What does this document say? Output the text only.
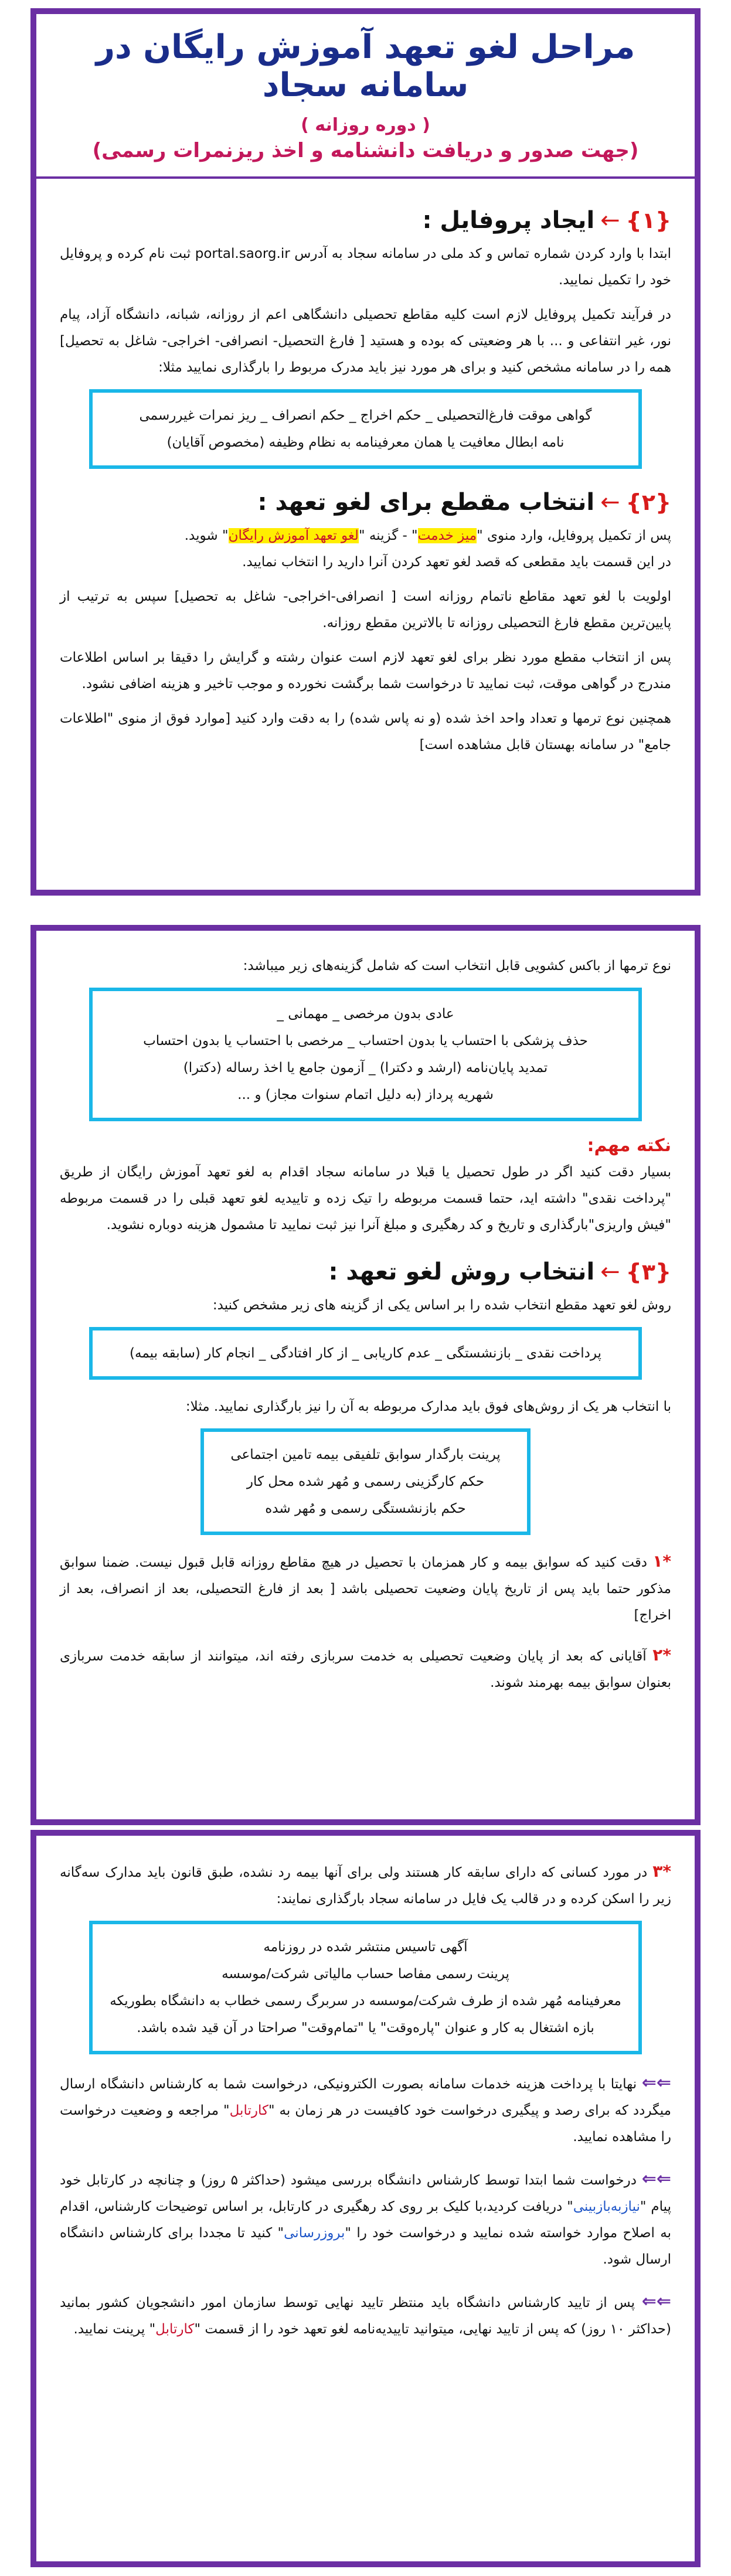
مراحل لغو تعهد آموزش رایگان در سامانه سجاد
( دوره روزانه )
(جهت صدور و دریافت دانشنامه و اخذ ریزنمرات رسمی)
{۱}
←
ایجاد پروفایل :

ابتدا با وارد کردن شماره تماس و کد ملی در سامانه سجاد به آدرس portal.saorg.ir ثبت نام کرده و پروفایل خود را تکمیل نمایید.

در فرآیند تکمیل پروفایل لازم است کلیه مقاطع تحصیلی دانشگاهی اعم از روزانه، شبانه، دانشگاه آزاد، پیام نور، غیر انتفاعی و ... با هر وضعیتی که بوده و هستید [ فارغ التحصیل- انصرافی- اخراجی- شاغل به تحصیل] همه را در سامانه مشخص کنید و برای هر مورد نیز باید مدرک مربوط را بارگذاری نمایید مثلا:

گواهی موقت فارغ‌التحصیلی _ حکم اخراج _ حکم انصراف _ ریز نمرات غیررسمی
نامه ابطال معافیت یا همان معرفینامه به نظام وظیفه (مخصوص آقایان)
{۲}
←
انتخاب مقطع برای لغو تعهد :

پس از تکمیل پروفایل، وارد منوی "میز خدمت" - گزینه "لغو تعهد آموزش رایگان" شوید.
در این قسمت باید مقطعی که قصد لغو تعهد کردن آنرا دارید را انتخاب نمایید.

اولویت با لغو تعهد مقاطع ناتمام روزانه است [ انصرافی-اخراجی- شاغل به تحصیل] سپس به ترتیب از پایین‌ترین مقطع فارغ التحصیلی روزانه تا بالاترین مقطع روزانه.

پس از انتخاب مقطع مورد نظر برای لغو تعهد لازم است عنوان رشته و گرایش را دقیقا بر اساس اطلاعات مندرج در گواهی موقت، ثبت نمایید تا درخواست شما برگشت نخورده و موجب تاخیر و هزینه اضافی نشود.

همچنین نوع ترمها و تعداد واحد اخذ شده (و نه پاس شده) را به دقت وارد کنید [موارد فوق از منوی "اطلاعات جامع" در سامانه بهستان قابل مشاهده است]

نوع ترمها از باکس کشویی قابل انتخاب است که شامل گزینه‌های زیر میباشد:

عادی بدون مرخصی _ مهمانی _
حذف پزشکی با احتساب یا بدون احتساب _ مرخصی با احتساب یا بدون احتساب
تمدید پایان‌نامه (ارشد و دکترا) _ آزمون جامع یا اخذ رساله (دکترا)
شهریه پرداز (به دلیل اتمام سنوات مجاز) و ...
نکته مهم:

بسیار دقت کنید اگر در طول تحصیل یا قبلا در سامانه سجاد اقدام به لغو تعهد آموزش رایگان از طریق "پرداخت نقدی" داشته اید، حتما قسمت مربوطه را تیک زده و تاییدیه لغو تعهد قبلی را در قسمت مربوطه "فیش واریزی"بارگذاری و تاریخ و کد رهگیری و مبلغ آنرا نیز ثبت نمایید تا مشمول هزینه دوباره نشوید.

{۳}
←
انتخاب روش لغو تعهد :

روش لغو تعهد مقطع انتخاب شده را بر اساس یکی از گزینه های زیر مشخص کنید:

پرداخت نقدی _ بازنشستگی _ عدم کاریابی _ از کار افتادگی _ انجام کار (سابقه بیمه)

با انتخاب هر یک از روش‌های فوق باید مدارک مربوطه به آن را نیز بارگذاری نمایید. مثلا:

پرینت بارگدار سوابق تلفیقی بیمه تامین اجتماعی
حکم کارگزینی رسمی و مُهر شده محل کار
حکم بازنشستگی رسمی و مُهر شده

*۱ دقت کنید که سوابق بیمه و کار همزمان با تحصیل در هیچ مقاطع روزانه قابل قبول نیست. ضمنا سوابق مذکور حتما باید پس از تاریخ پایان وضعیت تحصیلی باشد [ بعد از فارغ التحصیلی، بعد از انصراف، بعد از اخراج]

*۲ آقایانی که بعد از پایان وضعیت تحصیلی به خدمت سربازی رفته اند، میتوانند از سابقه خدمت سربازی بعنوان سوابق بیمه بهرمند شوند.

*۳ در مورد کسانی که دارای سابقه کار هستند ولی برای آنها بیمه رد نشده، طبق قانون باید مدارک سه‌گانه زیر را اسکن کرده و در قالب یک فایل در سامانه سجاد بارگذاری نمایند:

آگهی تاسیس منتشر شده در روزنامه
پرینت رسمی مفاصا حساب مالیاتی شرکت/موسسه
معرفینامه مُهر شده از طرف شرکت/موسسه در سربرگ رسمی خطاب به دانشگاه بطوریکه
بازه اشتغال به کار و عنوان "پاره‌وقت" یا "تمام‌وقت" صراحتا در آن قید شده باشد.

⇐⇐ نهایتا با پرداخت هزینه خدمات سامانه بصورت الکترونیکی، درخواست شما به کارشناس دانشگاه ارسال میگردد که برای رصد و پیگیری درخواست خود کافیست در هر زمان به "کارتابل" مراجعه و وضعیت درخواست را مشاهده نمایید.

⇐⇐ درخواست شما ابتدا توسط کارشناس دانشگاه بررسی میشود (حداکثر ۵ روز) و چنانچه در کارتابل خود پیام "نیازبه‌بازبینی" دریافت کردید،با کلیک بر روی کد رهگیری در کارتابل، بر اساس توضیحات کارشناس، اقدام به اصلاح موارد خواسته شده نمایید و درخواست خود را "بروزرسانی" کنید تا مجددا برای کارشناس دانشگاه ارسال شود.

⇐⇐ پس از تایید کارشناس دانشگاه باید منتظر تایید نهایی توسط سازمان امور دانشجویان کشور بمانید (حداکثر ۱۰ روز) که پس از تایید نهایی، میتوانید تاییدیه‌نامه لغو تعهد خود را از قسمت "کارتابل" پرینت نمایید.
